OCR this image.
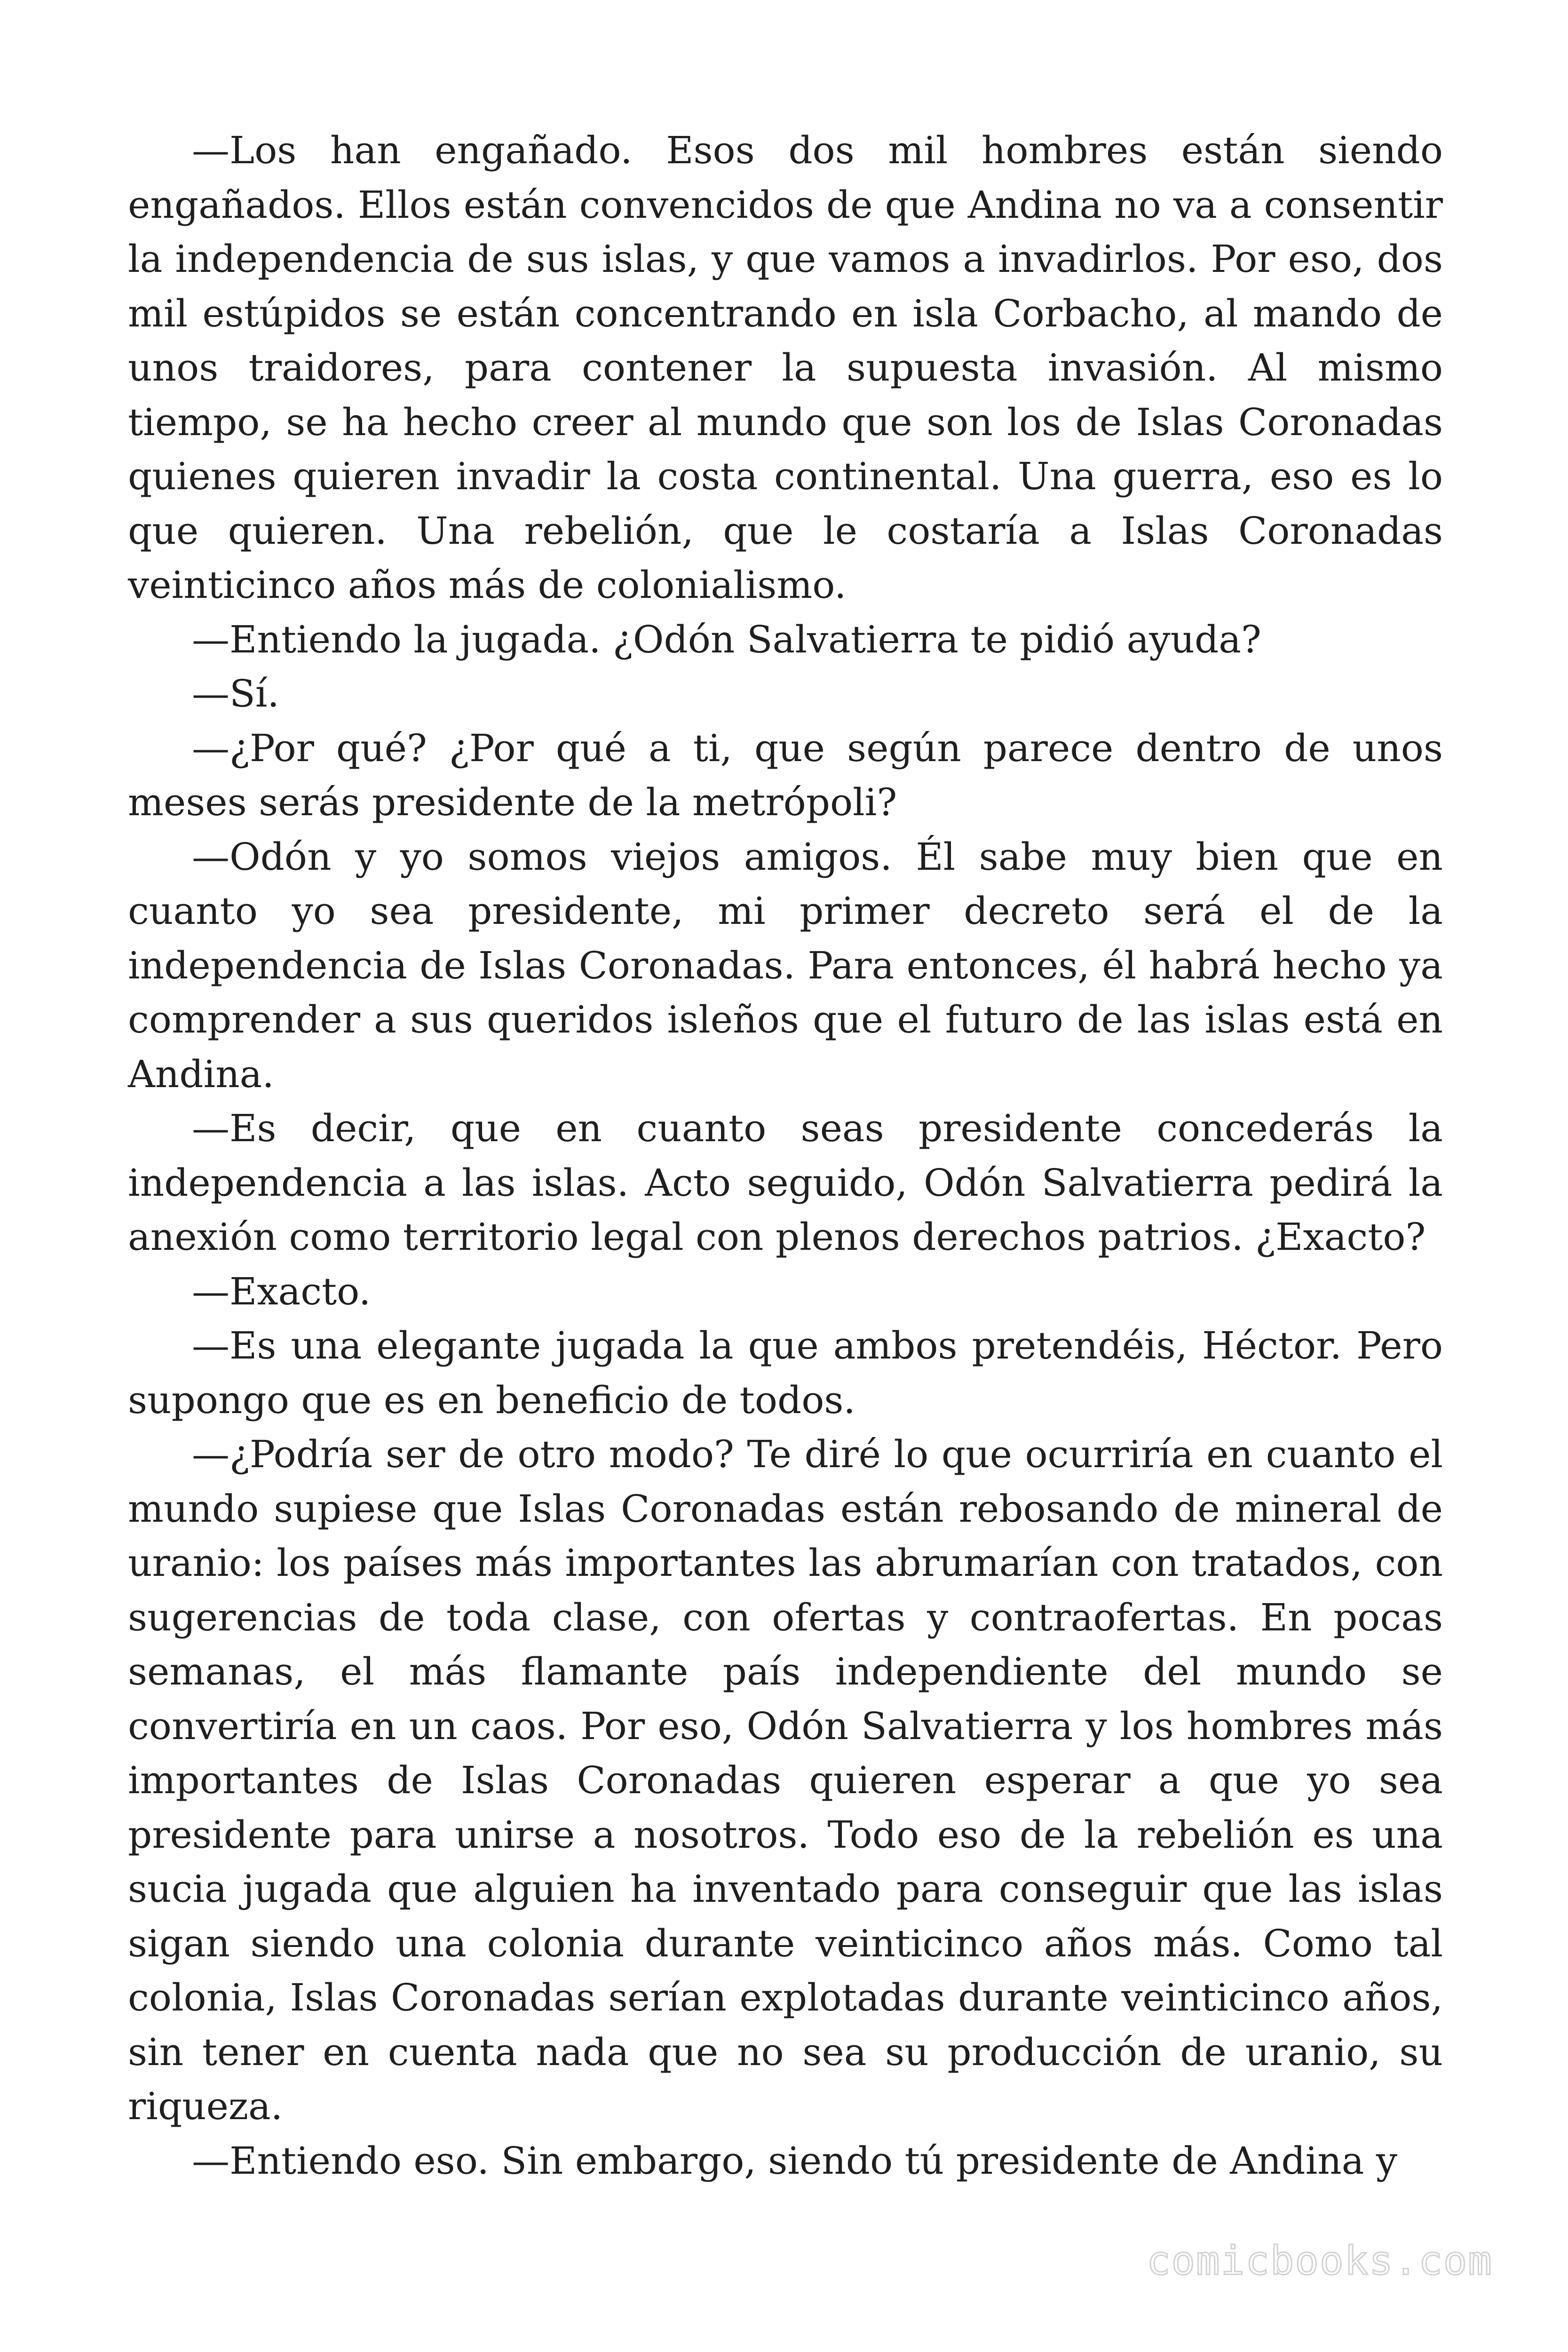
—Los han engañado. Esos dos mil hombres están siendo engañados. Ellos están convencidos de que Andina no va a consentir la independencia de sus islas, y que vamos a invadirlos. Por eso, dos mil estúpidos se están concentrando en isla Corbacho, al mando de unos traidores, para contener la supuesta invasión. Al mismo tiempo, se ha hecho creer al mundo que son los de Islas Coronadas quienes quieren invadir la costa continental. Una guerra, eso es lo que quieren. Una rebelión, que le costaría a Islas Coronadas veinticinco años más de colonialismo.

—Entiendo la jugada. ¿Odón Salvatierra te pidió ayuda?

—Sí.

—¿Por qué? ¿Por qué a ti, que según parece dentro de unos meses serás presidente de la metrópoli?

—Odón y yo somos viejos amigos. Él sabe muy bien que en cuanto yo sea presidente, mi primer decreto será el de la independencia de Islas Coronadas. Para entonces, él habrá hecho ya comprender a sus queridos isleños que el futuro de las islas está en Andina.

—Es decir, que en cuanto seas presidente concederás la independencia a las islas. Acto seguido, Odón Salvatierra pedirá la anexión como territorio legal con plenos derechos patrios. ¿Exacto?

—Exacto.

—Es una elegante jugada la que ambos pretendéis, Héctor. Pero supongo que es en beneficio de todos.

—¿Podría ser de otro modo? Te diré lo que ocurriría en cuanto el mundo supiese que Islas Coronadas están rebosando de mineral de uranio: los países más importantes las abrumarían con tratados, con sugerencias de toda clase, con ofertas y contraofertas. En pocas semanas, el más flamante país independiente del mundo se convertiría en un caos. Por eso, Odón Salvatierra y los hombres más importantes de Islas Coronadas quieren esperar a que yo sea presidente para unirse a nosotros. Todo eso de la rebelión es una sucia jugada que alguien ha inventado para conseguir que las islas sigan siendo una colonia durante veinticinco años más. Como tal colonia, Islas Coronadas serían explotadas durante veinticinco años, sin tener en cuenta nada que no sea su producción de uranio, su riqueza.

—Entiendo eso. Sin embargo, siendo tú presidente de Andina y

comicbooks.com
